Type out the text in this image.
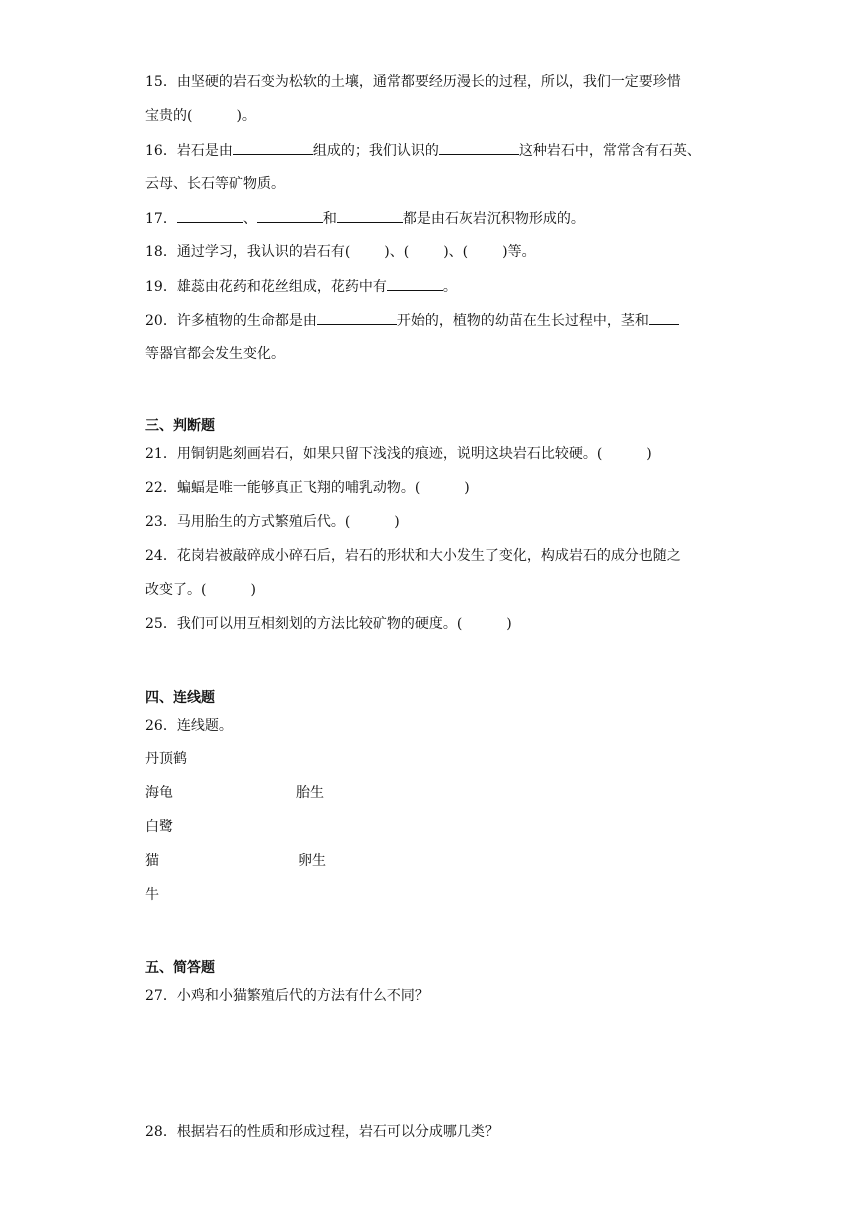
15．由坚硬的岩石变为松软的土壤，通常都要经历漫长的过程，所以，我们一定要珍惜
宝贵的(	)。
16．岩石是由	组成的；我们认识的	这种岩石中，常常含有石英、
云母、长石等矿物质。
17．	、	和	都是由石灰岩沉积物形成的。
18．通过学习，我认识的岩石有( )、( )、( )等。
19．雄蕊由花药和花丝组成，花药中有	。
20．许多植物的生命都是由	开始的，植物的幼苗在生长过程中，茎和
等器官都会发生变化。
三、判断题
21．用铜钥匙刻画岩石，如果只留下浅浅的痕迹，说明这块岩石比较硬。(	)
22．蝙蝠是唯一能够真正飞翔的哺乳动物。(	)
23．马用胎生的方式繁殖后代。(	)
24．花岗岩被敲碎成小碎石后，岩石的形状和大小发生了变化，构成岩石的成分也随之
改变了。(	)
25．我们可以用互相刻划的方法比较矿物的硬度。(	)
四、连线题
26．连线题。
丹顶鹤
海龟	胎生
白鹭
猫	卵生
牛
五、简答题
27．小鸡和小猫繁殖后代的方法有什么不同？
28．根据岩石的性质和形成过程，岩石可以分成哪几类？
